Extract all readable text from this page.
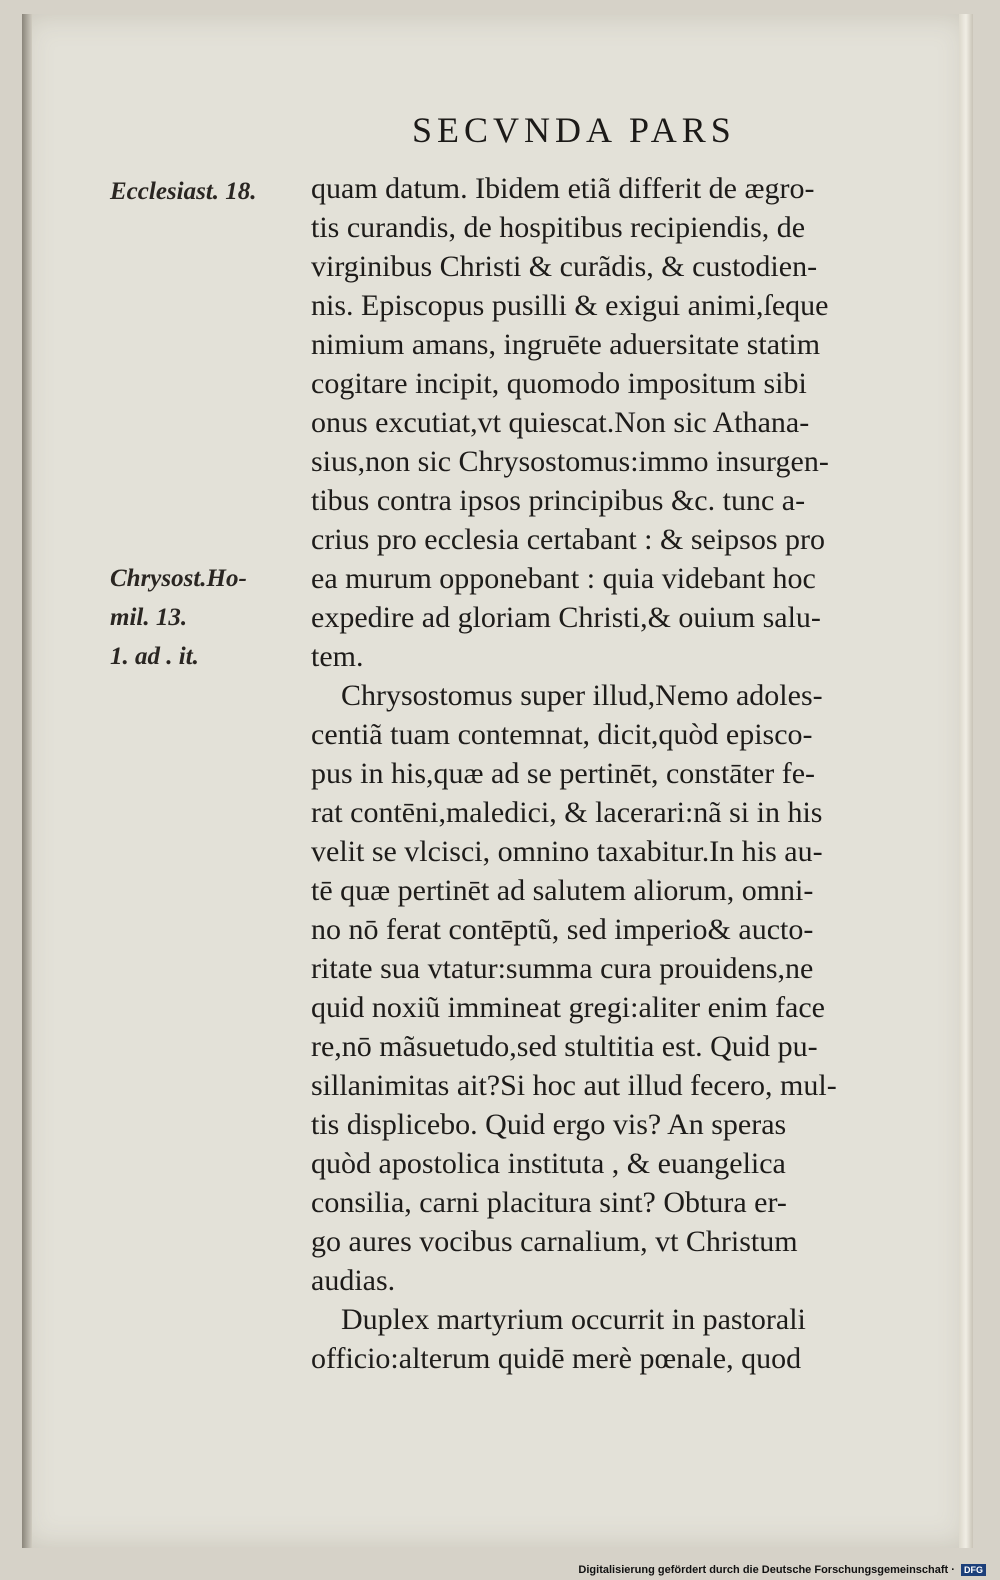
SECVNDA PARS
Ecclesiast. 18.
Chrysost.Ho-
mil. 13.
1. ad . it.
quam datum. Ibidem etiã differit de ægro-
tis curandis, de hospitibus recipiendis, de
virginibus Christi & curãdis, & custodien-
nis. Episcopus pusilli & exigui animi,ſeque
nimium amans, ingruēte aduersitate statim
cogitare incipit, quomodo impositum sibi
onus excutiat,vt quiescat.Non sic Athana-
sius,non sic Chrysostomus:immo insurgen-
tibus contra ipsos principibus &c. tunc a-
crius pro ecclesia certabant : & seipsos pro
ea murum opponebant : quia videbant hoc
expedire ad gloriam Christi,& ouium salu-
tem.
Chrysostomus super illud,Nemo adoles-
centiã tuam contemnat, dicit,quòd episco-
pus in his,quæ ad se pertinēt, constāter fe-
rat contēni,maledici, & lacerari:nã si in his
velit se vlcisci, omnino taxabitur.In his au-
tē quæ pertinēt ad salutem aliorum, omni-
no nō ferat contēptũ, sed imperio& aucto-
ritate sua vtatur:summa cura prouidens,ne
quid noxiũ immineat gregi:aliter enim face
re,nō mãsuetudo,sed stultitia est. Quid pu-
sillanimitas ait?Si hoc aut illud fecero, mul-
tis displicebo. Quid ergo vis? An speras
quòd apostolica instituta , & euangelica
consilia, carni placitura sint? Obtura er-
go aures vocibus carnalium, vt Christum
audias.
Duplex martyrium occurrit in pastorali
officio:alterum quidē merè pœnale, quod
Digitalisierung gefördert durch die Deutsche Forschungsgemeinschaft · DFG
